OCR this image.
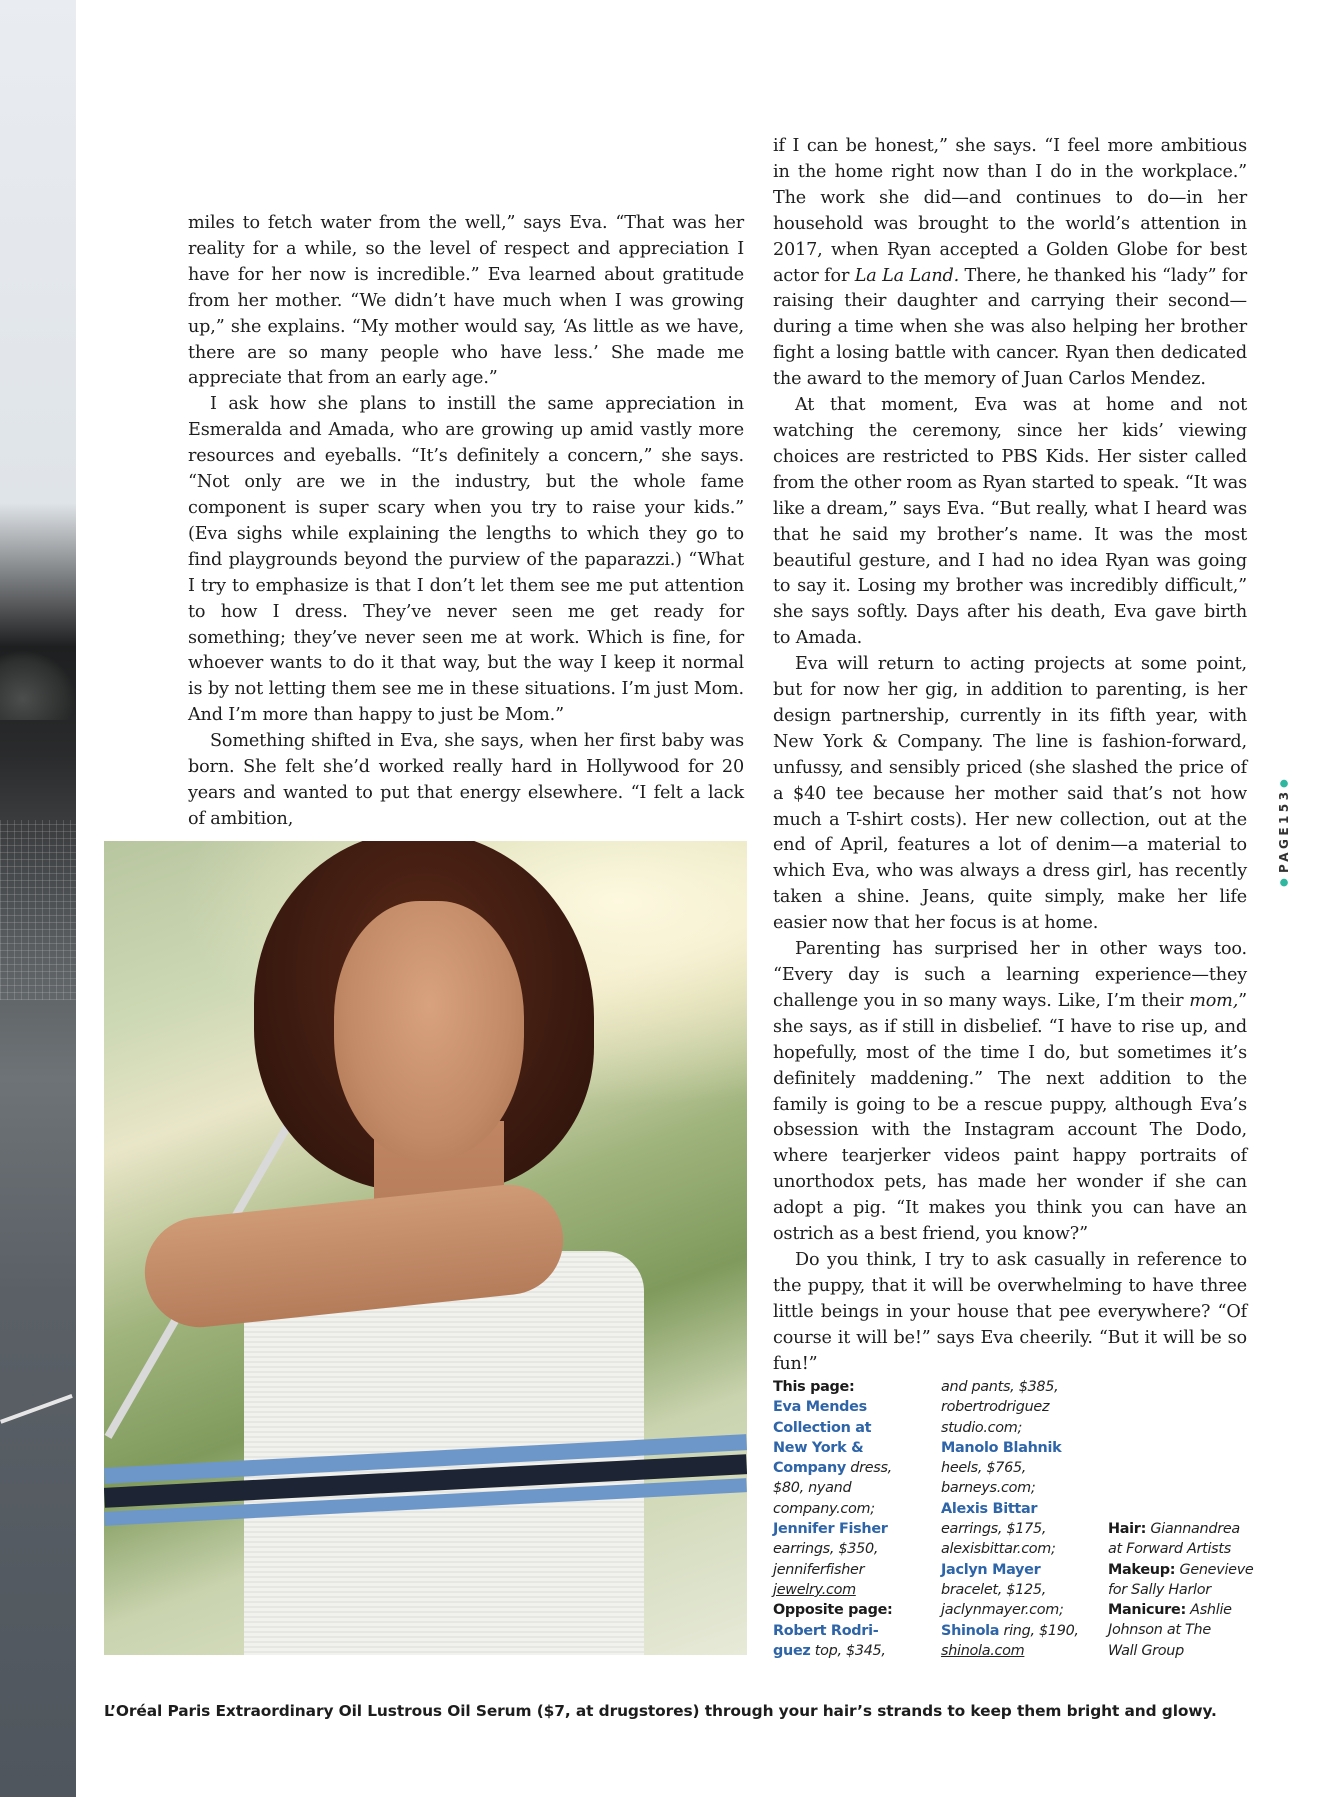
miles to fetch water from the well,” says Eva. “That was her reality for a while, so the level of respect and appreciation I have for her now is incredible.” Eva learned about gratitude from her mother. “We didn’t have much when I was growing up,” she explains. “My mother would say, ‘As little as we have, there are so many people who have less.’ She made me appreciate that from an early age.”

I ask how she plans to instill the same appreciation in Esmeralda and Amada, who are growing up amid vastly more resources and eyeballs. “It’s definitely a concern,” she says. “Not only are we in the industry, but the whole fame component is super scary when you try to raise your kids.” (Eva sighs while explaining the lengths to which they go to find playgrounds beyond the purview of the paparazzi.) “What I try to emphasize is that I don’t let them see me put attention to how I dress. They’ve never seen me get ready for something; they’ve never seen me at work. Which is fine, for whoever wants to do it that way, but the way I keep it normal is by not letting them see me in these situations. I’m just Mom. And I’m more than happy to just be Mom.”

Something shifted in Eva, she says, when her first baby was born. She felt she’d worked really hard in Hollywood for 20 years and wanted to put that energy elsewhere. “I felt a lack of ambition,

if I can be honest,” she says. “I feel more ambitious in the home right now than I do in the workplace.” The work she did—and continues to do—in her household was brought to the world’s attention in 2017, when Ryan accepted a Golden Globe for best actor for La La Land. There, he thanked his “lady” for raising their daughter and carrying their second—during a time when she was also helping her brother fight a losing battle with cancer. Ryan then dedicated the award to the memory of Juan Carlos Mendez.

At that moment, Eva was at home and not watching the ceremony, since her kids’ viewing choices are restricted to PBS Kids. Her sister called from the other room as Ryan started to speak. “It was like a dream,” says Eva. “But really, what I heard was that he said my brother’s name. It was the most beautiful gesture, and I had no idea Ryan was going to say it. Losing my brother was incredibly difficult,” she says softly. Days after his death, Eva gave birth to Amada.

Eva will return to acting projects at some point, but for now her gig, in addition to parenting, is her design partnership, currently in its fifth year, with New York & Company. The line is fashion-forward, unfussy, and sensibly priced (she slashed the price of a $40 tee because her mother said that’s not how much a T-shirt costs). Her new collection, out at the end of April, features a lot of denim—a material to which Eva, who was always a dress girl, has recently taken a shine. Jeans, quite simply, make her life easier now that her focus is at home.

Parenting has surprised her in other ways too. “Every day is such a learning experience—they challenge you in so many ways. Like, I’m their mom,” she says, as if still in disbelief. “I have to rise up, and hopefully, most of the time I do, but sometimes it’s definitely maddening.” The next addition to the family is going to be a rescue puppy, although Eva’s obsession with the Instagram account The Dodo, where tearjerker videos paint happy portraits of unorthodox pets, has made her wonder if she can adopt a pig. “It makes you think you can have an ostrich as a best friend, you know?”

Do you think, I try to ask casually in reference to the puppy, that it will be overwhelming to have three little beings in your house that pee everywhere? “Of course it will be!” says Eva cheerily. “But it will be so fun!”

●
PAGE
153
●
This page:
Eva Mendes
Collection at
New York &
Company dress,
$80, nyand
company.com;
Jennifer Fisher
earrings, $350,
jenniferfisher
jewelry.com
Opposite page:
Robert Rodri-
guez top, $345,
and pants, $385,
robertrodriguez
studio.com;
Manolo Blahnik
heels, $765,
barneys.com;
Alexis Bittar
earrings, $175,
alexisbittar.com;
Jaclyn Mayer
bracelet, $125,
jaclynmayer.com;
Shinola ring, $190,
shinola.com
Hair: Giannandrea
at Forward Artists
Makeup: Genevieve
for Sally Harlor
Manicure: Ashlie
Johnson at The
Wall Group
L’Oréal Paris Extraordinary Oil Lustrous Oil Serum ($7, at drugstores) through your hair’s strands to keep them bright and glowy.
